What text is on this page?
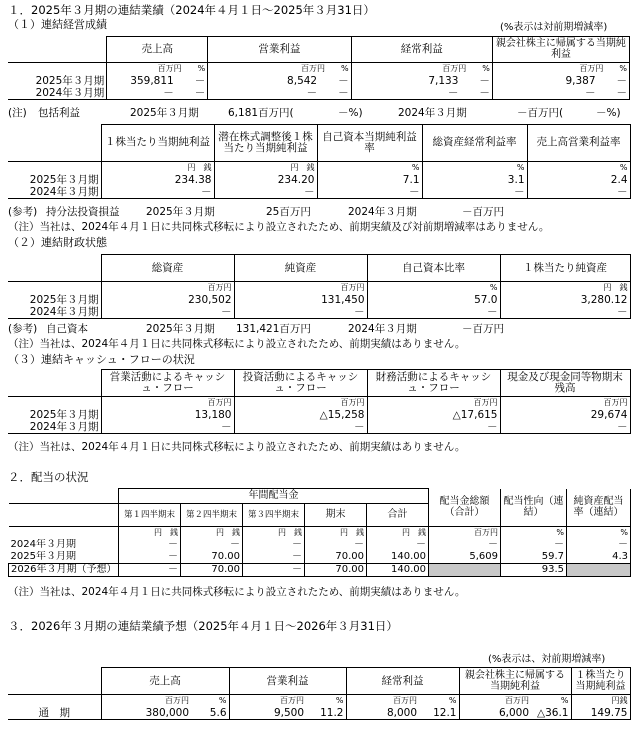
１．2025年３月期の連結業績（2024年４月１日～2025年３月31日）
（１）連結経営成績	(%表示は対前期増減率)
	売上高	営業利益	経常利益	親会社株主に帰属する当期純利益
	百万円   %	百万円   %	百万円   %	百万円   %
2025年３月期	359,811   －	8,542   －	7,133   －	9,387   －
2024年３月期	－   －	－   －	－   －	－   －
(注) 包括利益	2025年３月期	6,181百万円(	－%)	2024年３月期	－百万円(	－%)
	１株当たり当期純利益	潜在株式調整後１株当たり当期純利益	自己資本当期純利益率	総資産経常利益率	売上高営業利益率
	円  銭	円  銭	%	%	%
2025年３月期	234.38	234.20	7.1	3.1	2.4
2024年３月期	－	－	－	－	－
(参考) 持分法投資損益	2025年３月期	25百万円	2024年３月期	－百万円
（注）当社は、2024年４月１日に共同株式移転により設立されたため、前期実績及び対前期増減率はありません。
（２）連結財政状態
	総資産	純資産	自己資本比率	１株当たり純資産
	百万円	百万円	%	円　銭
2025年３月期	230,502	131,450	57.0	3,280.12
2024年３月期	－	－	－	－
(参考) 自己資本	2025年３月期 131,421百万円	2024年３月期	－百万円
（注）当社は、2024年４月１日に共同株式移転により設立されたため、前期実績はありません。
（３）連結キャッシュ・フローの状況
	営業活動によるキャッシュ・フロー	投資活動によるキャッシュ・フロー	財務活動によるキャッシュ・フロー	現金及び現金同等物期末残高
	百万円	百万円	百万円	百万円
2025年３月期	13,180	△15,258	△17,615	29,674
2024年３月期	－	－	－	－
（注）当社は、2024年４月１日に共同株式移転により設立されたため、前期実績はありません。
２．配当の状況
	年間配当金					配当金総額（合計）	配当性向（連結）	純資産配当率（連結）
	第１四半期末	第２四半期末	第３四半期末	期末	合計			
	円　銭	円　銭	円　銭	円　銭	円　銭	百万円	%	%
2024年３月期	－	－	－	－	－	－	－	－
2025年３月期	－	70.00	－	70.00	140.00	5,609	59.7	4.3
2026年３月期（予想）	－	70.00	－	70.00	140.00		93.5	
（注）当社は、2024年４月１日に共同株式移転により設立されたため、前期実績はありません。
３．2026年３月期の連結業績予想（2025年４月１日～2026年３月31日）
(%表示は、対前期増減率)
	売上高		営業利益		経常利益		親会社株主に帰属する当期純利益		１株当たり当期純利益
	百万円	%	百万円	%	百万円	%	百万円	%	円銭
通　期	380,000	5.6	9,500	11.2	8,000	12.1	6,000	△36.1	149.75
